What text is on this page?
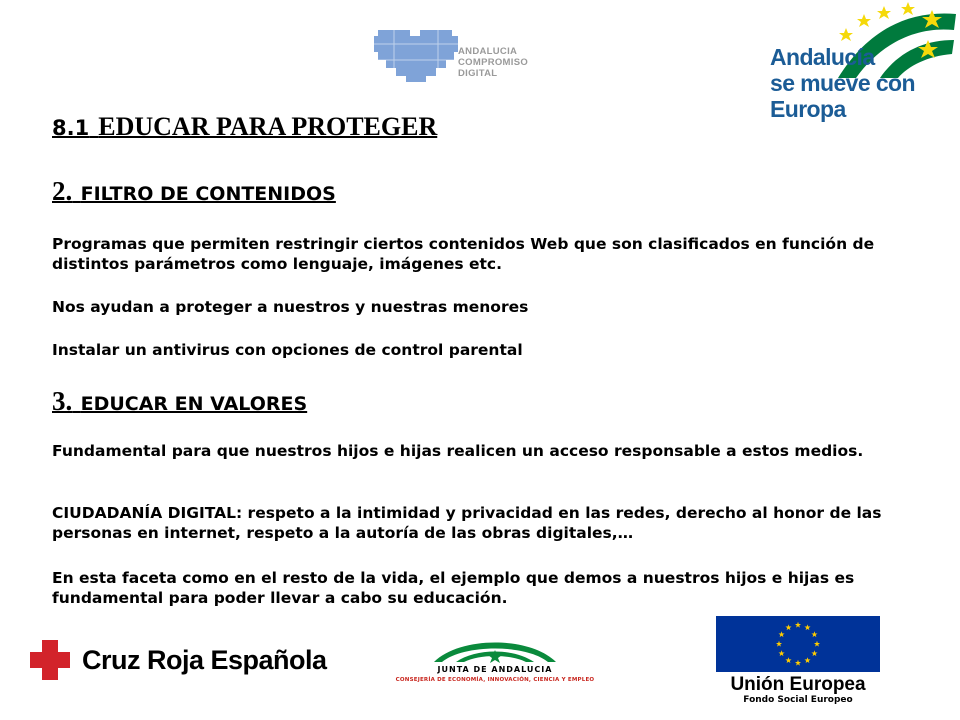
ANDALUCIA
COMPROMISO
DIGITAL
Andalucía
se mueve con Europa
8.1 EDUCAR PARA PROTEGER
2. FILTRO DE CONTENIDOS

Programas que permiten restringir ciertos contenidos Web que son clasificados en función de distintos parámetros como lenguaje, imágenes etc.

Nos ayudan a proteger a nuestros y nuestras menores

Instalar un antivirus con opciones de control parental

3. EDUCAR EN VALORES

Fundamental para que nuestros hijos e hijas realicen un acceso responsable a estos medios.

CIUDADANÍA DIGITAL: respeto a la intimidad y privacidad en las redes, derecho al honor de las personas en internet, respeto a la autoría de las obras digitales,…

En esta faceta como en el resto de la vida, el ejemplo que demos a nuestros hijos e hijas es fundamental para poder llevar a cabo su educación.

Cruz Roja Española	JUNTA DE ANDALUCIA
CONSEJERÍA DE ECONOMÍA, INNOVACIÓN, CIENCIA Y EMPLEO	Unión Europea
Fondo Social Europeo
